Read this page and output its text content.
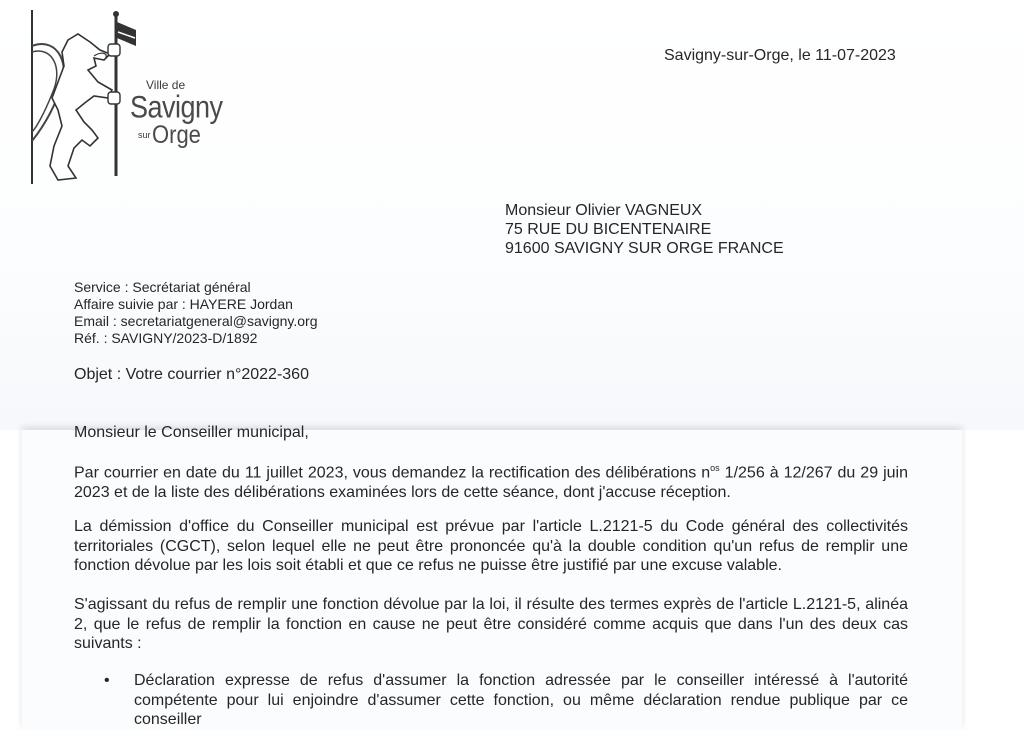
Ville de
Savigny
sur Orge
Savigny-sur-Orge, le 11-07-2023
Monsieur Olivier VAGNEUX
75 RUE DU BICENTENAIRE
91600 SAVIGNY SUR ORGE FRANCE
Service : Secrétariat général
Affaire suivie par : HAYERE Jordan
Email : secretariatgeneral@savigny.org
Réf. : SAVIGNY/2023-D/1892
Objet : Votre courrier n°2022-360
Monsieur le Conseiller municipal,
Par courrier en date du 11 juillet 2023, vous demandez la rectification des délibérations $n^{os}$ 1/256 à 12/267 du 29 juin 2023 et de la liste des délibérations examinées lors de cette séance, dont j'accuse réception.
La démission d'office du Conseiller municipal est prévue par l'article L.2121-5 du Code général des collectivités territoriales (CGCT), selon lequel elle ne peut être prononcée qu'à la double condition qu'un refus de remplir une fonction dévolue par les lois soit établi et que ce refus ne puisse être justifié par une excuse valable.
S'agissant du refus de remplir une fonction dévolue par la loi, il résulte des termes exprès de l'article L.2121-5, alinéa 2, que le refus de remplir la fonction en cause ne peut être considéré comme acquis que dans l'un des deux cas suivants :
• Déclaration expresse de refus d'assumer la fonction adressée par le conseiller intéressé à l'autorité compétente pour lui enjoindre d'assumer cette fonction, ou même déclaration rendue publique par ce conseiller
